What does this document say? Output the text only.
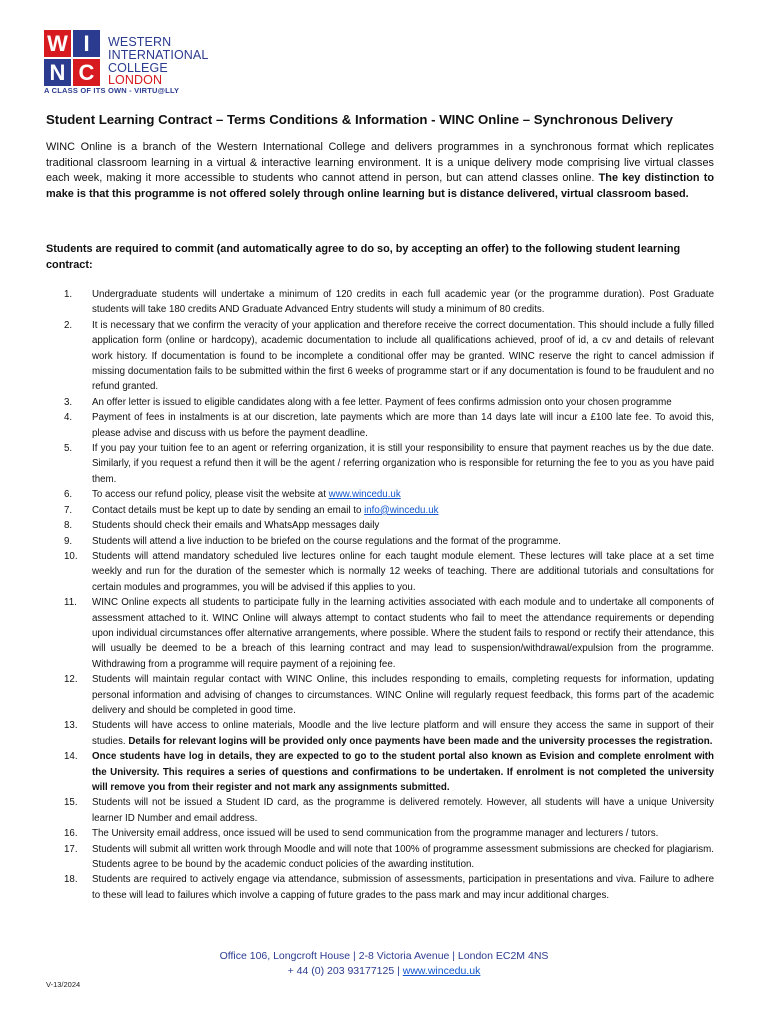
W I
N C
WESTERN
INTERNATIONAL
COLLEGE
LONDON
A CLASS OF ITS OWN - VIRTU@LLY
Student Learning Contract – Terms Conditions & Information - WINC Online – Synchronous Delivery
WINC Online is a branch of the Western International College and delivers programmes in a synchronous format which replicates traditional classroom learning in a virtual & interactive learning environment. It is a unique delivery mode comprising live virtual classes each week, making it more accessible to students who cannot attend in person, but can attend classes online. The key distinction to make is that this programme is not offered solely through online learning but is distance delivered, virtual classroom based.
Students are required to commit (and automatically agree to do so, by accepting an offer) to the following student learning contract:
1.	Undergraduate students will undertake a minimum of 120 credits in each full academic year (or the programme duration). Post Graduate students will take 180 credits AND Graduate Advanced Entry students will study a minimum of 80 credits.
2.	It is necessary that we confirm the veracity of your application and therefore receive the correct documentation. This should include a fully filled application form (online or hardcopy), academic documentation to include all qualifications achieved, proof of id, a cv and details of relevant work history. If documentation is found to be incomplete a conditional offer may be granted. WINC reserve the right to cancel admission if missing documentation fails to be submitted within the first 6 weeks of programme start or if any documentation is found to be fraudulent and no refund granted.
3.	An offer letter is issued to eligible candidates along with a fee letter. Payment of fees confirms admission onto your chosen programme
4.	Payment of fees in instalments is at our discretion, late payments which are more than 14 days late will incur a £100 late fee. To avoid this, please advise and discuss with us before the payment deadline.
5.	If you pay your tuition fee to an agent or referring organization, it is still your responsibility to ensure that payment reaches us by the due date. Similarly, if you request a refund then it will be the agent / referring organization who is responsible for returning the fee to you as you have paid them.
6.	To access our refund policy, please visit the website at www.wincedu.uk
7.	Contact details must be kept up to date by sending an email to info@wincedu.uk
8.	Students should check their emails and WhatsApp messages daily
9.	Students will attend a live induction to be briefed on the course regulations and the format of the programme.
10.	Students will attend mandatory scheduled live lectures online for each taught module element. These lectures will take place at a set time weekly and run for the duration of the semester which is normally 12 weeks of teaching. There are additional tutorials and consultations for certain modules and programmes, you will be advised if this applies to you.
11.	WINC Online expects all students to participate fully in the learning activities associated with each module and to undertake all components of assessment attached to it. WINC Online will always attempt to contact students who fail to meet the attendance requirements or depending upon individual circumstances offer alternative arrangements, where possible. Where the student fails to respond or rectify their attendance, this will usually be deemed to be a breach of this learning contract and may lead to suspension/withdrawal/expulsion from the programme. Withdrawing from a programme will require payment of a rejoining fee.
12.	Students will maintain regular contact with WINC Online, this includes responding to emails, completing requests for information, updating personal information and advising of changes to circumstances. WINC Online will regularly request feedback, this forms part of the academic delivery and should be completed in good time.
13.	Students will have access to online materials, Moodle and the live lecture platform and will ensure they access the same in support of their studies. Details for relevant logins will be provided only once payments have been made and the university processes the registration.
14.	Once students have log in details, they are expected to go to the student portal also known as Evision and complete enrolment with the University. This requires a series of questions and confirmations to be undertaken. If enrolment is not completed the university will remove you from their register and not mark any assignments submitted.
15.	Students will not be issued a Student ID card, as the programme is delivered remotely. However, all students will have a unique University learner ID Number and email address.
16.	The University email address, once issued will be used to send communication from the programme manager and lecturers / tutors.
17.	Students will submit all written work through Moodle and will note that 100% of programme assessment submissions are checked for plagiarism. Students agree to be bound by the academic conduct policies of the awarding institution.
18.	Students are required to actively engage via attendance, submission of assessments, participation in presentations and viva. Failure to adhere to these will lead to failures which involve a capping of future grades to the pass mark and may incur additional charges.
Office 106, Longcroft House | 2-8 Victoria Avenue | London EC2M 4NS
+ 44 (0) 203 93177125 | www.wincedu.uk
V-13/2024
